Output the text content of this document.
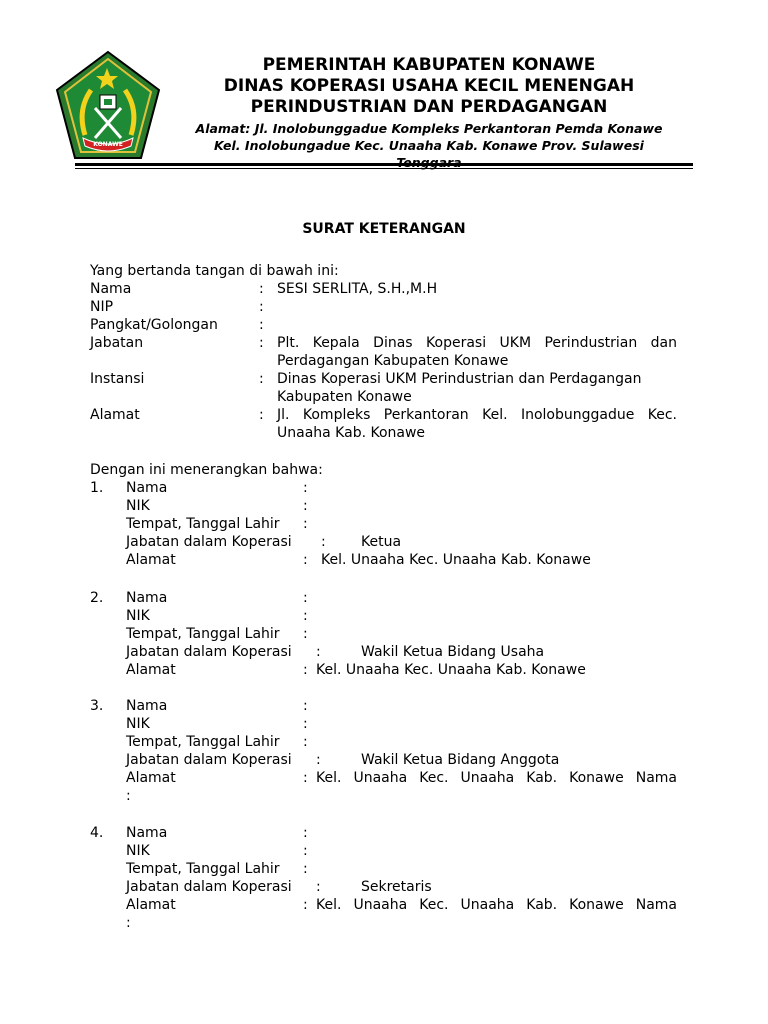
KONAWE
PEMERINTAH KABUPATEN KONAWE
DINAS KOPERASI USAHA KECIL MENENGAH
PERINDUSTRIAN DAN PERDAGANGAN
Alamat: Jl. Inolobunggadue Kompleks Perkantoran Pemda Konawe Kel. Inolobungadue Kec. Unaaha Kab. Konawe Prov. Sulawesi
SURAT KETERANGAN
Yang bertanda tangan di bawah ini:
Nama	: SESI SERLITA, S.H.,M.H
NIP	:
Pangkat/Golongan	:
Jabatan	: Plt. Kepala Dinas Koperasi UKM Perindustrian dan
Perdagangan Kabupaten Konawe
Instansi	: Dinas Koperasi UKM Perindustrian dan Perdagangan
Kabupaten Konawe
Alamat	: Jl. Kompleks Perkantoran Kel. Inolobunggadue Kec.
Unaaha Kab. Konawe
Dengan ini menerangkan bahwa:
1. Nama	:
NIK	:
Tempat, Tanggal Lahir :
Jabatan dalam Koperasi :	Ketua
Alamat	: Kel. Unaaha Kec. Unaaha Kab. Konawe
2. Nama	:
NIK	:
Tempat, Tanggal Lahir :
Jabatan dalam Koperasi :	Wakil Ketua Bidang Usaha
Alamat	: Kel. Unaaha Kec. Unaaha Kab. Konawe
3. Nama	:
NIK	:
Tempat, Tanggal Lahir :
Jabatan dalam Koperasi :	Wakil Ketua Bidang Anggota
Alamat	: Kel.  Unaaha  Kec.  Unaaha  Kab.  Konawe  Nama
:
4. Nama	:
NIK	:
Tempat, Tanggal Lahir :
Jabatan dalam Koperasi :	Sekretaris
Alamat	: Kel.  Unaaha  Kec.  Unaaha  Kab.  Konawe  Nama
:
